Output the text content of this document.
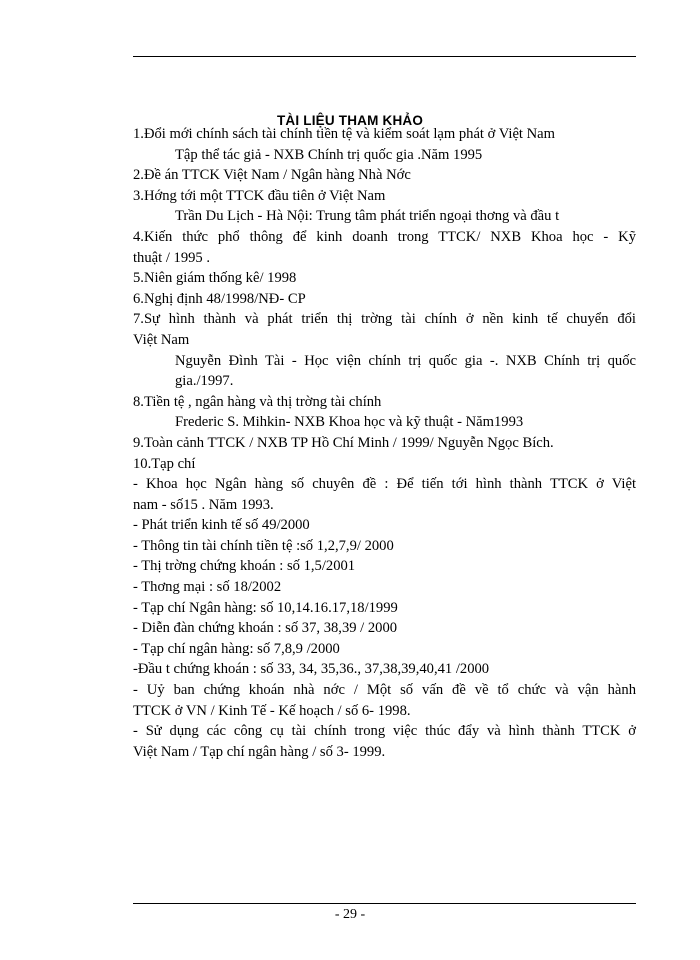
TÀI LIỆU THAM KHẢO
1.Đổi mới chính sách tài chính tiền tệ và kiểm soát lạm phát ở Việt Nam
Tập thể tác giả - NXB Chính trị quốc gia .Năm 1995
2.Đề án TTCK Việt Nam / Ngân hàng Nhà Nớc
3.Hớng tới một TTCK đầu tiên ở Việt Nam
Trần Du Lịch - Hà Nội: Trung tâm phát triển ngoại thơng và đầu t
4.Kiến thức phổ thông để kinh doanh trong TTCK/ NXB Khoa học - Kỹ
thuật / 1995 .
5.Niên giám thống kê/ 1998
6.Nghị định 48/1998/NĐ- CP
7.Sự hình thành và phát triển thị trờng tài chính ở nền kinh tế chuyển đổi
Việt Nam
Nguyễn Đình Tài - Học viện chính trị quốc gia -. NXB Chính trị quốc
gia./1997.
8.Tiền tệ , ngân hàng và thị trờng tài chính
Frederic S. Mihkin- NXB Khoa học và kỹ thuật - Năm1993
9.Toàn cảnh TTCK / NXB TP Hồ Chí Minh / 1999/ Nguyễn Ngọc Bích.
10.Tạp chí
- Khoa học Ngân hàng số chuyên đề : Để tiến tới hình thành TTCK ở Việt
nam - số15 . Năm 1993.
- Phát triển kinh tế số 49/2000
- Thông tin tài chính tiền tệ :số 1,2,7,9/ 2000
- Thị trờng chứng khoán : số 1,5/2001
- Thơng mại : số 18/2002
- Tạp chí Ngân hàng: số 10,14.16.17,18/1999
- Diễn đàn chứng khoán : số 37, 38,39 / 2000
- Tạp chí ngân hàng: số 7,8,9 /2000
-Đầu t chứng khoán : số 33, 34, 35,36., 37,38,39,40,41 /2000
- Uỷ ban chứng khoán nhà nớc / Một số vấn đề về tổ chức và vận hành
TTCK ở VN / Kinh Tế - Kế hoạch / số 6- 1998.
- Sử dụng các công cụ tài chính trong việc thúc đẩy và hình thành TTCK ở
Việt Nam / Tạp chí ngân hàng / số 3- 1999.
- 29 -
